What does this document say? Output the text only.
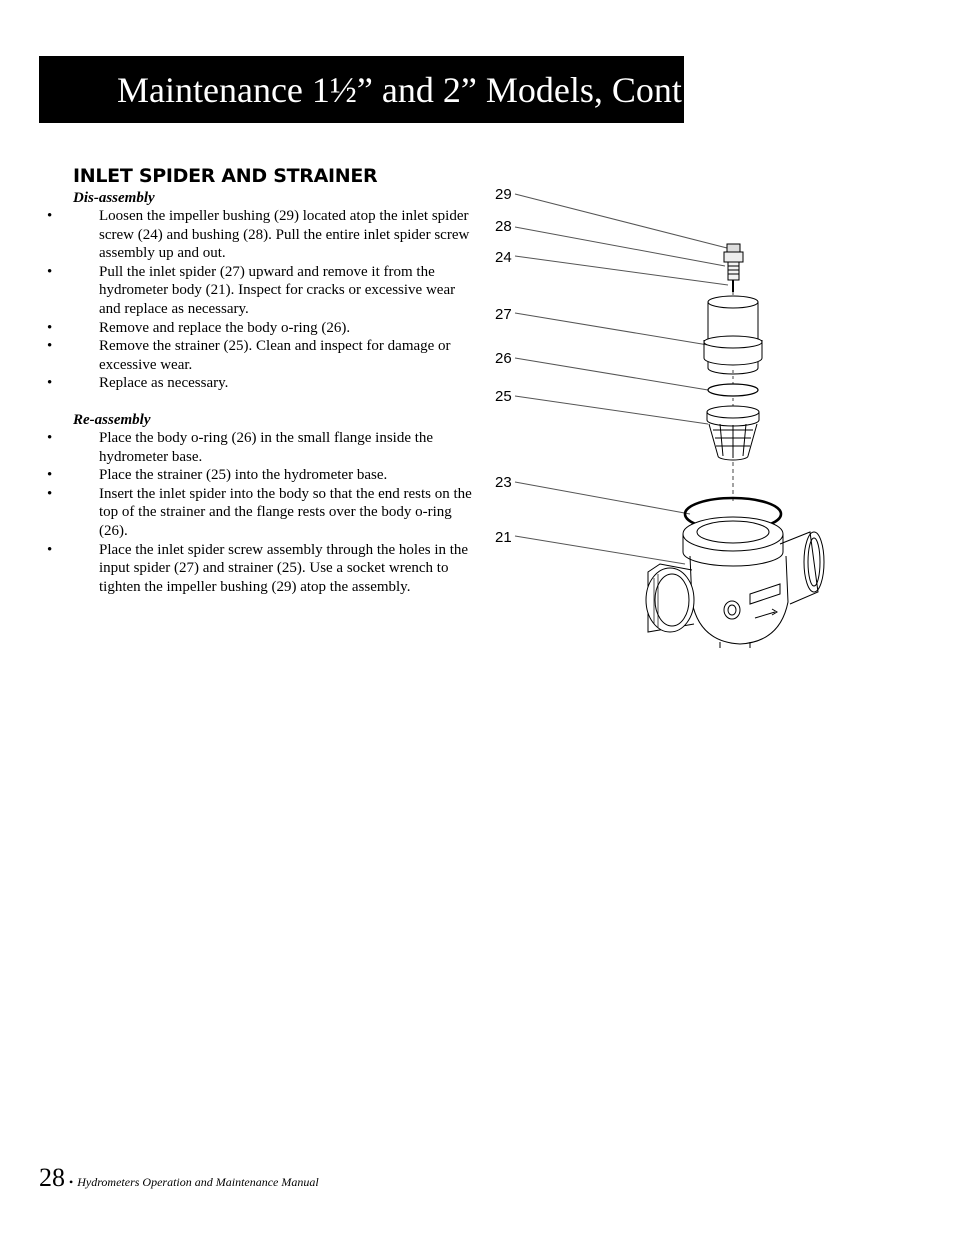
Maintenance 1½” and 2” Models, Cont.
INLET SPIDER AND STRAINER

Dis-assembly

•	Loosen the impeller bushing (29) located atop the inlet spider screw (24) and bushing (28). Pull the entire inlet spider screw assembly up and out.
•	Pull the inlet spider (27) upward and remove it from the hydrometer body (21). Inspect for cracks or excessive wear and replace as necessary.
•	Remove and replace the body o-ring (26).
•	Remove the strainer (25). Clean and inspect for damage or excessive wear.
•	Replace as necessary.

Re-assembly

•	Place the body o-ring (26) in the small flange inside the hydrometer base.
•	Place the strainer (25) into the hydrometer base.
•	Insert the inlet spider into the body so that the end rests on the top of the strainer and the flange rests over the body o-ring (26).
•	Place the inlet spider screw assembly through the holes in the input spider (27) and strainer (25). Use a socket wrench to tighten the impeller bushing (29) atop the assembly.
29
28
24
27
26
25
23
21
28 • Hydrometers Operation and Maintenance Manual
